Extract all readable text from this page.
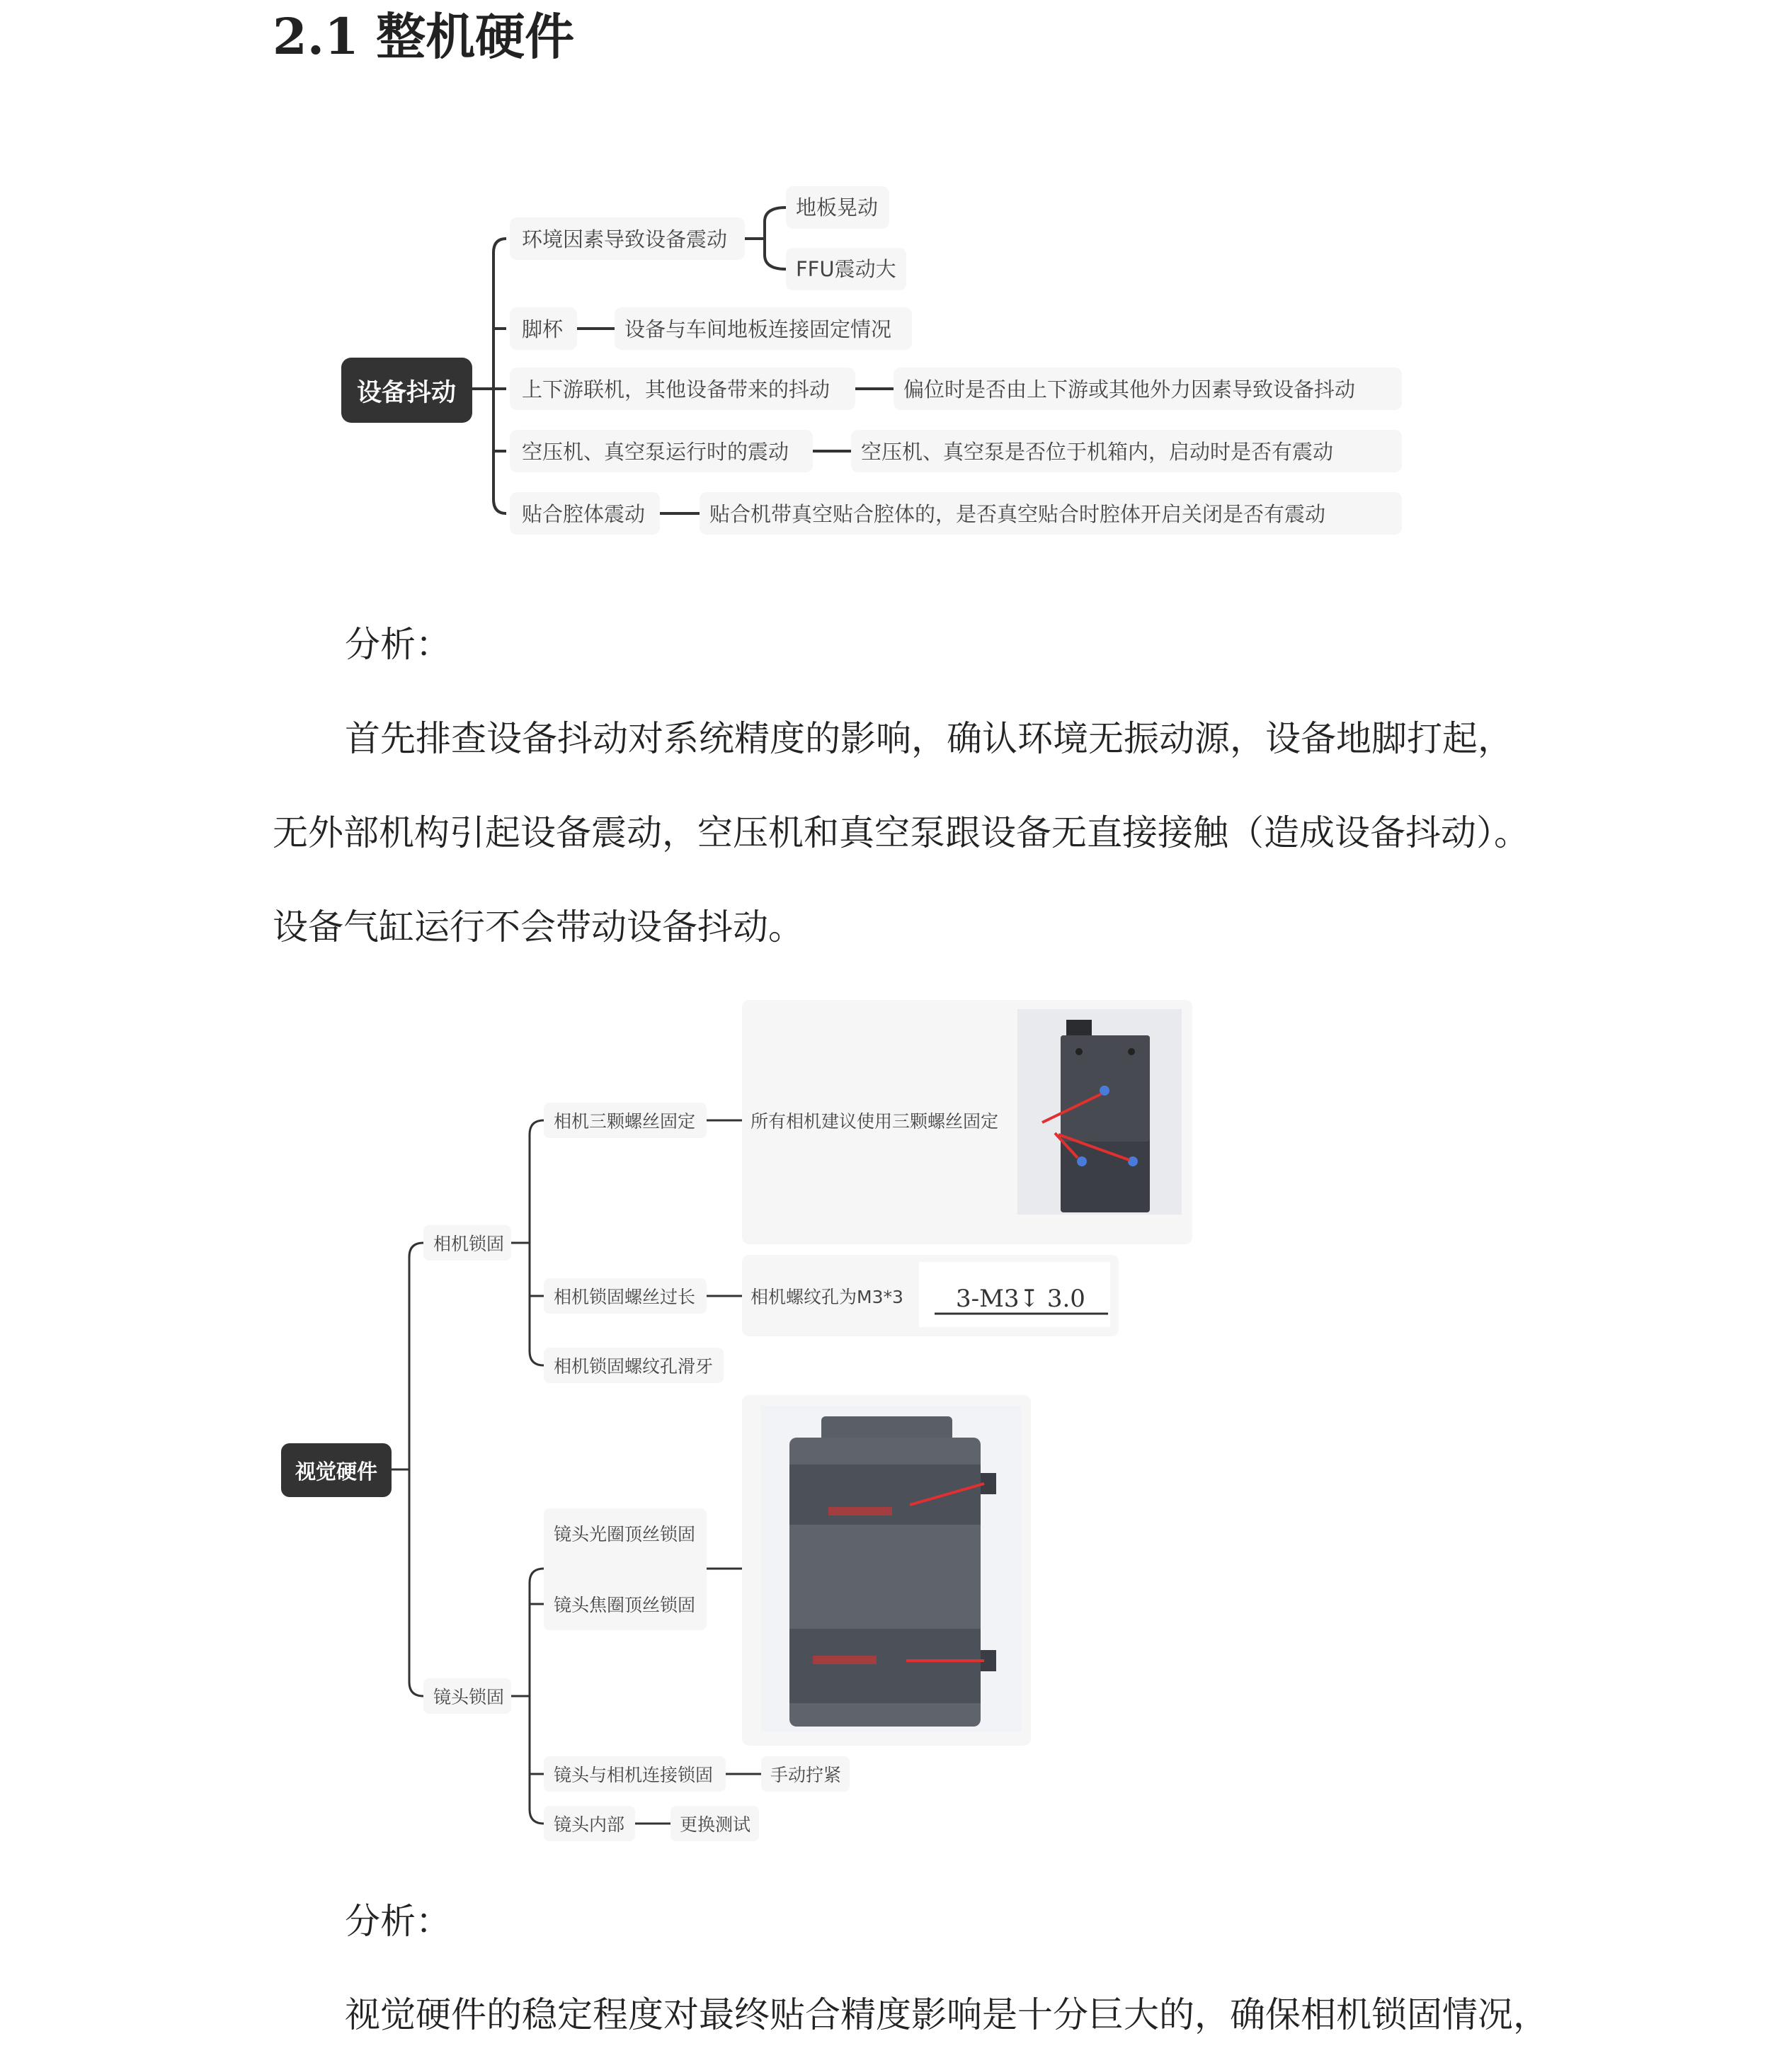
2.1 整机硬件
设备抖动
环境因素导致设备震动
地板晃动
FFU震动大
脚杯	设备与车间地板连接固定情况
上下游联机，其他设备带来的抖动	偏位时是否由上下游或其他外力因素导致设备抖动
空压机、真空泵运行时的震动	空压机、真空泵是否位于机箱内，启动时是否有震动
贴合腔体震动	贴合机带真空贴合腔体的，是否真空贴合时腔体开启关闭是否有震动

分析：

首先排查设备抖动对系统精度的影响，确认环境无振动源，设备地脚打起，

无外部机构引起设备震动，空压机和真空泵跟设备无直接接触（造成设备抖动）。

设备气缸运行不会带动设备抖动。

视觉硬件
相机锁固
相机三颗螺丝固定	所有相机建议使用三颗螺丝固定
相机锁固螺丝过长	相机螺纹孔为M3*3 3-M3↧ 3.0
相机锁固螺纹孔滑牙
镜头锁固
镜头光圈顶丝锁固
镜头焦圈顶丝锁固
镜头与相机连接锁固	手动拧紧
镜头内部	更换测试

分析：

视觉硬件的稳定程度对最终贴合精度影响是十分巨大的，确保相机锁固情况，
